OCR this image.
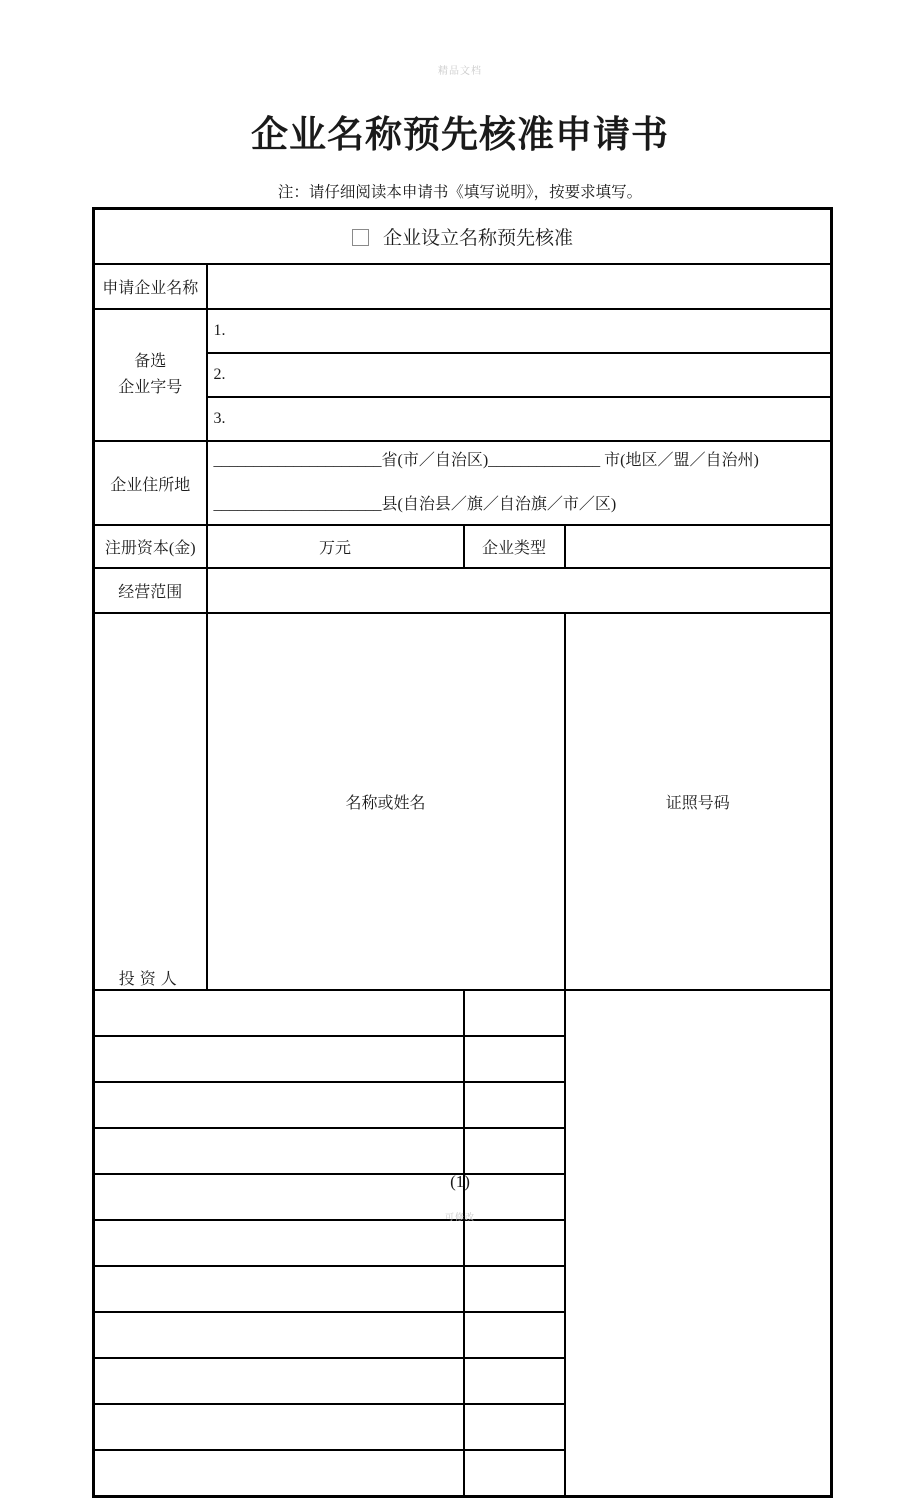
精品文档
企业名称预先核准申请书
注：请仔细阅读本申请书《填写说明》，按要求填写。
企业设立名称预先核准			
申请企业名称			

备选
企业字号	1.		
	2.		
	3.		
企业住所地	_____________________省(市／自治区)______________ 市(地区／盟／自治州)
_____________________县(自治县／旗／自治旗／市／区)		

注册资本(金)	万元	企业类型	
经营范围			

投资人	名称或姓名		证照号码

(1)
可修改
